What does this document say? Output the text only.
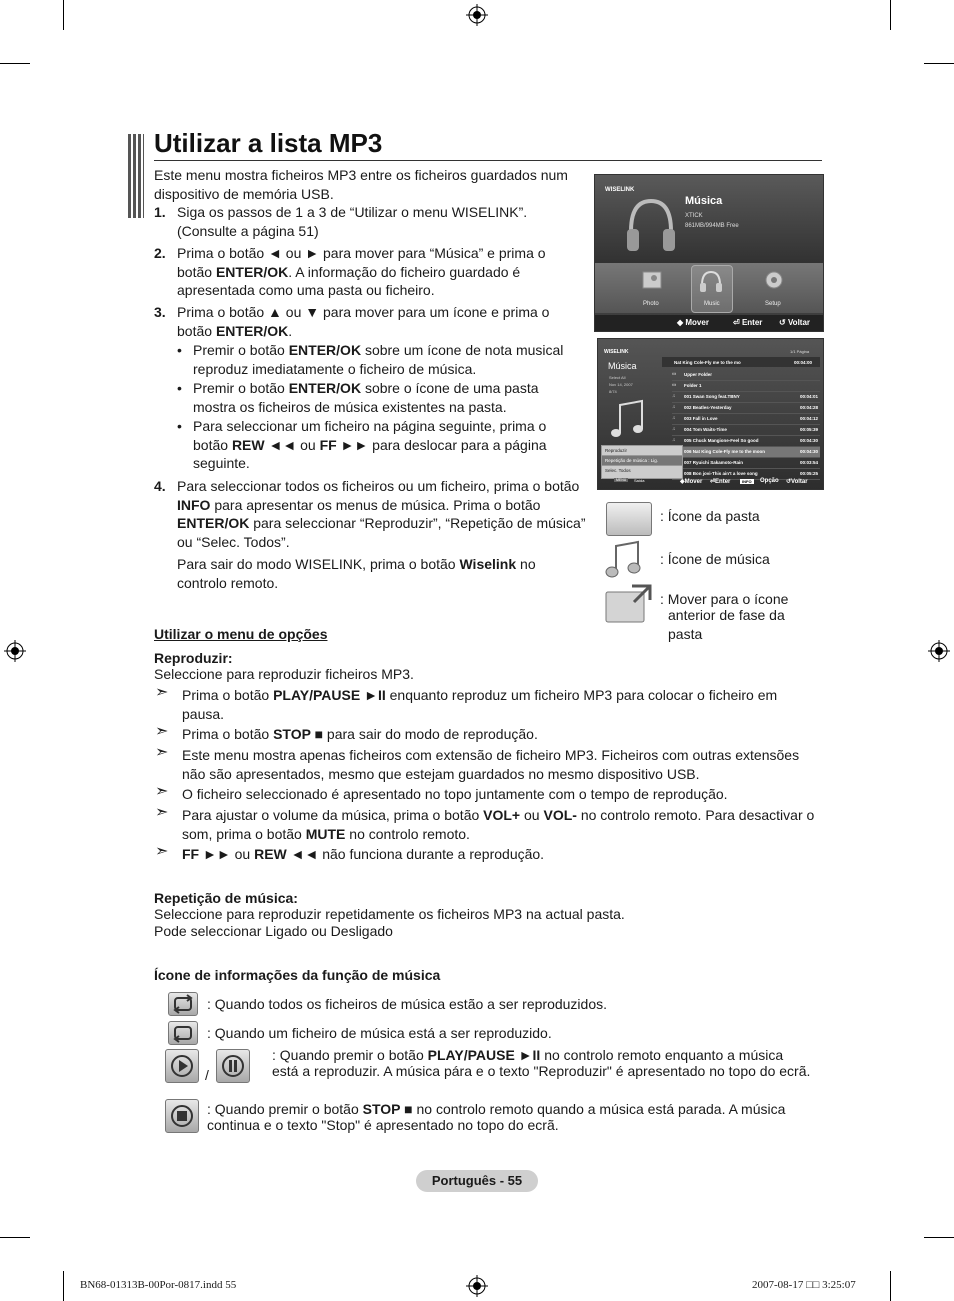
Utilizar a lista MP3
Este menu mostra ficheiros MP3 entre os ficheiros guardados num dispositivo de memória USB.
1. Siga os passos de 1 a 3 de “Utilizar o menu WISELINK”. (Consulte a página 51)
2. Prima o botão ◄ ou ► para mover para “Música” e prima o botão ENTER/OK. A informação do ficheiro guardado é apresentada como uma pasta ou ficheiro.
3. Prima o botão ▲ ou ▼ para mover para um ícone e prima o botão ENTER/OK.
• Premir o botão ENTER/OK sobre um ícone de nota musical reproduz imediatamente o ficheiro de música.
• Premir o botão ENTER/OK sobre o ícone de uma pasta mostra os ficheiros de música existentes na pasta.
• Para seleccionar um ficheiro na página seguinte, prima o botão REW ◄◄ ou FF ►► para deslocar para a página seguinte.
4. Para seleccionar todos os ficheiros ou um ficheiro, prima o botão INFO para apresentar os menus de música. Prima o botão ENTER/OK para seleccionar “Reproduzir”, “Repetição de música” ou “Selec. Todos”.
Para sair do modo WISELINK, prima o botão Wiselink no controlo remoto.
WISELINK
Música
XTICK
861MB/994MB Free
Photo	Music	Setup
◆ Mover	⏎ Enter ↺ Voltar
WISELINK	1/1 Página
Música
Select All
Nov 14, 2007
8/74
Nat King Cole-Fly me to the mo	00:04:00
▭ Upper Folder
▭ Folder 1
♫ 001 Swan Song feat.TBNY	00:04:01
♫ 002 Beatles-Yesterday	00:04:28
♫ 003 Fall in Love	00:04:12
♫ 004 Tom Waits-Time	00:05:39
♫ 005 Chuck Mangione-Feel So good	00:04:30
006 Nat King Cole-Fly me to the moon	00:04:30
007 Ryuichi Sakamoto-Rain	00:03:54
008 Bon jovi-This ain't a love song	00:05:25
Reproduzir
Repetição de música : Lig.
Selec. Todos
MENU	Saída	◆Mover ⏎Enter	INFO	Opção ↺Voltar
: Ícone da pasta
: Ícone de música
: Mover para o ícone
anterior de fase da pasta
Utilizar o menu de opções
Reproduzir:
Seleccione para reproduzir ficheiros MP3.
➣ Prima o botão PLAY/PAUSE ►II enquanto reproduz um ficheiro MP3 para colocar o ficheiro em pausa.
➣ Prima o botão STOP ■ para sair do modo de reprodução.
➣ Este menu mostra apenas ficheiros com extensão de ficheiro MP3. Ficheiros com outras extensões não são apresentados, mesmo que estejam guardados no mesmo dispositivo USB.
➣ O ficheiro seleccionado é apresentado no topo juntamente com o tempo de reprodução.
➣ Para ajustar o volume da música, prima o botão VOL+ ou VOL- no controlo remoto. Para desactivar o som, prima o botão MUTE no controlo remoto.
➣ FF ►► ou REW ◄◄ não funciona durante a reprodução.
Repetição de música:
Seleccione para reproduzir repetidamente os ficheiros MP3 na actual pasta.
Pode seleccionar Ligado ou Desligado
Ícone de informações da função de música
: Quando todos os ficheiros de música estão a ser reproduzidos.
: Quando um ficheiro de música está a ser reproduzido.
/
: Quando premir o botão PLAY/PAUSE ►II no controlo remoto enquanto a música está a reproduzir. A música pára e o texto "Reproduzir" é apresentado no topo do ecrã.
: Quando premir o botão STOP ■ no controlo remoto quando a música está parada. A música continua e o texto "Stop" é apresentado no topo do ecrã.
Português - 55
BN68-01313B-00Por-0817.indd 55	2007-08-17 □□ 3:25:07
